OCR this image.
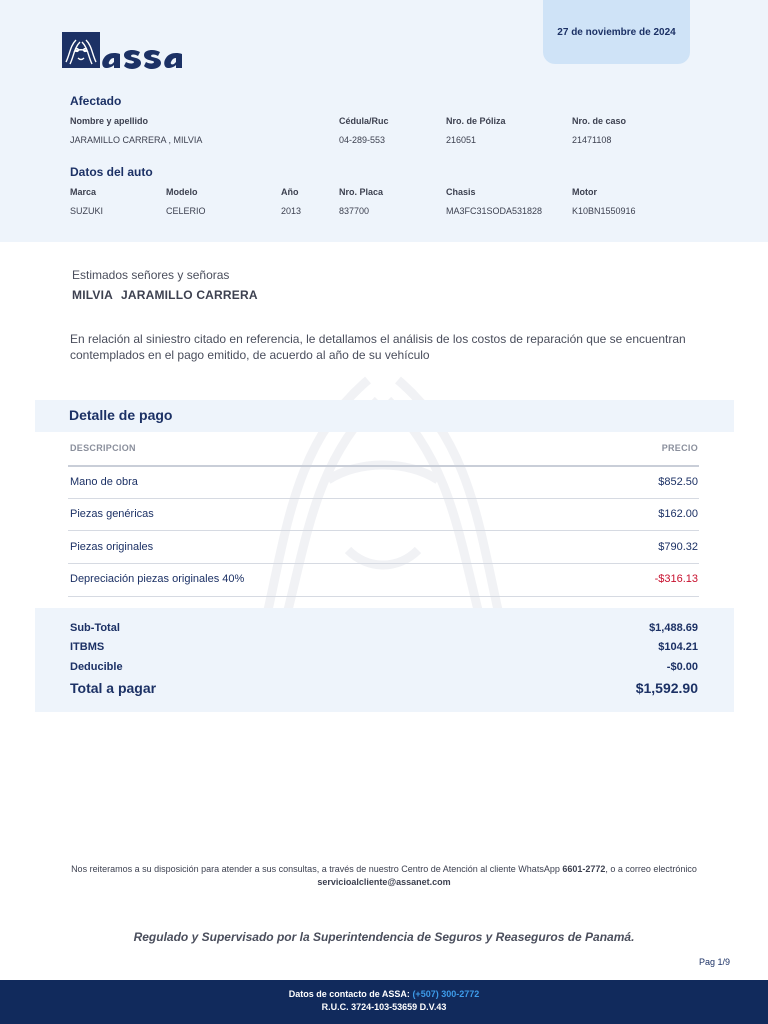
27 de noviembre de 2024
Afectado
Nombre y apellido	Cédula/Ruc	Nro. de Póliza	Nro. de caso
JARAMILLO CARRERA , MILVIA	04-289-553	216051	21471108
Datos del auto
Marca	Modelo	Año	Nro. Placa	Chasis	Motor
SUZUKI	CELERIO	2013	837700	MA3FC31SODA531828	K10BN1550916
Estimados señores y señoras
MILVIA JARAMILLO CARRERA
En relación al siniestro citado en referencia, le detallamos el análisis de los costos de reparación que se encuentran contemplados en el pago emitido, de acuerdo al año de su vehículo
Detalle de pago
DESCRIPCION	PRECIO
Mano de obra	$852.50
Piezas genéricas	$162.00
Piezas originales	$790.32
Depreciación piezas originales 40%	-$316.13
Sub-Total	$1,488.69
ITBMS	$104.21
Deducible	-$0.00
Total a pagar	$1,592.90
Nos reiteramos a su disposición para atender a sus consultas, a través de nuestro Centro de Atención al cliente WhatsApp 6601-2772, o a correo electrónico servicioalcliente@assanet.com
Regulado y Supervisado por la Superintendencia de Seguros y Reaseguros de Panamá.
Pag 1/9
Datos de contacto de ASSA: (+507) 300-2772
R.U.C. 3724-103-53659 D.V.43
